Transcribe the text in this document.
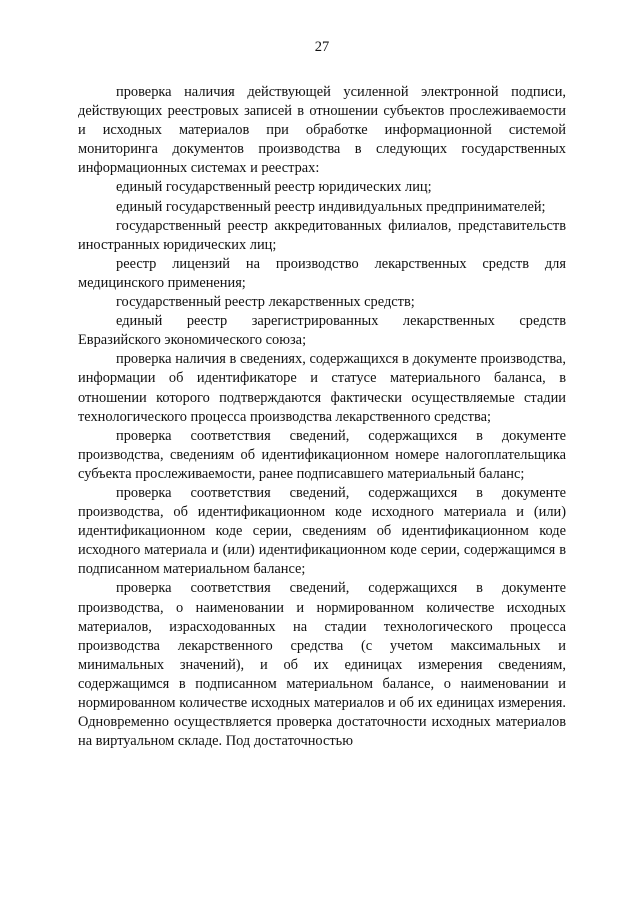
27

проверка наличия действующей усиленной электронной подписи, действующих реестровых записей в отношении субъектов прослеживаемости и исходных материалов при обработке информационной системой мониторинга документов производства в следующих государственных информационных системах и реестрах:

единый государственный реестр юридических лиц;

единый государственный реестр индивидуальных предпринимателей;

государственный реестр аккредитованных филиалов, представительств иностранных юридических лиц;

реестр лицензий на производство лекарственных средств для медицинского применения;

государственный реестр лекарственных средств;

единый реестр зарегистрированных лекарственных средств Евразийского экономического союза;

проверка наличия в сведениях, содержащихся в документе производства, информации об идентификаторе и статусе материального баланса, в отношении которого подтверждаются фактически осуществляемые стадии технологического процесса производства лекарственного средства;

проверка соответствия сведений, содержащихся в документе производства, сведениям об идентификационном номере налогоплательщика субъекта прослеживаемости, ранее подписавшего материальный баланс;

проверка соответствия сведений, содержащихся в документе производства, об идентификационном коде исходного материала и (или) идентификационном коде серии, сведениям об идентификационном коде исходного материала и (или) идентификационном коде серии, содержащимся в подписанном материальном балансе;

проверка соответствия сведений, содержащихся в документе производства, о наименовании и нормированном количестве исходных материалов, израсходованных на стадии технологического процесса производства лекарственного средства (с учетом максимальных и минимальных значений), и об их единицах измерения сведениям, содержащимся в подписанном материальном балансе, о наименовании и нормированном количестве исходных материалов и об их единицах измерения. Одновременно осуществляется проверка достаточности исходных материалов на виртуальном складе. Под достаточностью
